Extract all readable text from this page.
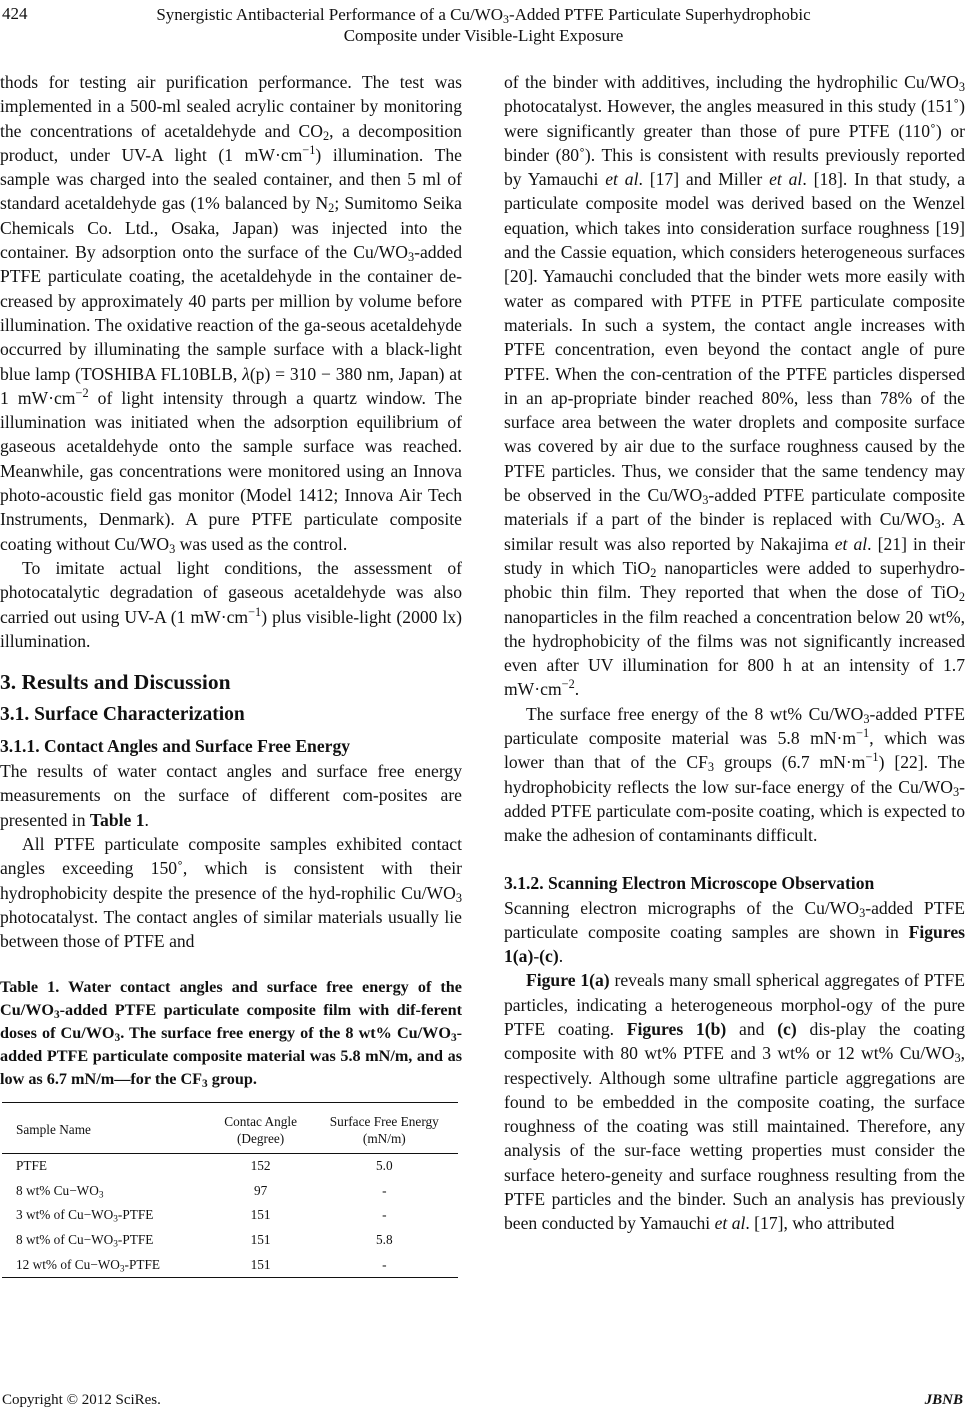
424	Synergistic Antibacterial Performance of a $Cu/WO_3$-Added PTFE Particulate Superhydrophobic
Composite under Visible-Light Exposure

thods for testing air purification performance. The test was implemented in a 500-ml sealed acrylic container by monitoring the concentrations of acetaldehyde and $CO_2$, a decomposition product, under UV-A light (1 $mW\cdot cm^{-1}$) illumination. The sample was charged into the sealed container, and then 5 ml of standard acetaldehyde gas (1% balanced by $N_2$; Sumitomo Seika Chemicals Co. Ltd., Osaka, Japan) was injected into the container. By adsorption onto the surface of the $Cu/WO_3$-added PTFE particulate coating, the acetaldehyde in the container de-creased by approximately 40 parts per million by volume before illumination. The oxidative reaction of the ga-seous acetaldehyde occurred by illuminating the sample surface with a black-light blue lamp (TOSHIBA FL10BLB, λ(p) = 310 − 380 nm, Japan) at 1 $mW\cdot cm^{-2}$ of light intensity through a quartz window. The illumination was initiated when the adsorption equilibrium of gaseous acetaldehyde onto the sample surface was reached. Meanwhile, gas concentrations were monitored using an Innova photo-acoustic field gas monitor (Model 1412; Innova Air Tech Instruments, Denmark). A pure PTFE particulate composite coating without $Cu/WO_3$ was used as the control.

To imitate actual light conditions, the assessment of photocatalytic degradation of gaseous acetaldehyde was also carried out using UV-A (1 $mW\cdot cm^{-1}$) plus visible-light (2000 lx) illumination.

3. Results and Discussion
3.1. Surface Characterization
3.1.1. Contact Angles and Surface Free Energy

The results of water contact angles and surface free energy measurements on the surface of different com-posites are presented in Table 1.

All PTFE particulate composite samples exhibited contact angles exceeding 150˚, which is consistent with their hydrophobicity despite the presence of the hyd-rophilic $Cu/WO_3$ photocatalyst. The contact angles of similar materials usually lie between those of PTFE and

Table 1. Water contact angles and surface free energy of the $Cu/WO_3$-added PTFE particulate composite film with dif-ferent doses of $Cu/WO_3$. The surface free energy of the 8 wt% $Cu/WO_3$-added PTFE particulate composite material was 5.8 mN/m, and as low as 6.7 mN/m—for the $CF_3$ group.

Sample Name	Contac Angle
(Degree)	Surface Free Energy
(mN/m)
PTFE	152	5.0
8 wt% $Cu-WO_3$	97	-
3 wt% of $Cu-WO_3$-PTFE	151	-
8 wt% of $Cu-WO_3$-PTFE	151	5.8
12 wt% of $Cu-WO_3$-PTFE	151	-

of the binder with additives, including the hydrophilic $Cu/WO_3$ photocatalyst. However, the angles measured in this study (151˚) were significantly greater than those of pure PTFE (110˚) or binder (80˚). This is consistent with results previously reported by Yamauchi et al. [17] and Miller et al. [18]. In that study, a particulate composite model was derived based on the Wenzel equation, which takes into consideration surface roughness [19] and the Cassie equation, which considers heterogeneous surfaces [20]. Yamauchi concluded that the binder wets more easily with water as compared with PTFE in PTFE particulate composite materials. In such a system, the contact angle increases with PTFE concentration, even beyond the contact angle of pure PTFE. When the con-centration of the PTFE particles dispersed in an ap-propriate binder reached 80%, less than 78% of the surface area between the water droplets and composite surface was covered by air due to the surface roughness caused by the PTFE particles. Thus, we consider that the same tendency may be observed in the $Cu/WO_3$-added PTFE particulate composite materials if a part of the binder is replaced with $Cu/WO_3$. A similar result was also reported by Nakajima et al. [21] in their study in which TiO$_2$ nanoparticles were added to superhydro-phobic thin film. They reported that when the dose of TiO$_2$ nanoparticles in the film reached a concentration below 20 wt%, the hydrophobicity of the films was not significantly increased even after UV illumination for 800 h at an intensity of 1.7 $mW\cdot cm^{-2}$.

The surface free energy of the 8 wt% $Cu/WO_3$-added PTFE particulate composite material was 5.8 $mN\cdot m^{-1}$, which was lower than that of the $CF_3$ groups (6.7 $mN\cdot m^{-1}$) [22]. The hydrophobicity reflects the low sur-face energy of the $Cu/WO_3$-added PTFE particulate com-posite coating, which is expected to make the adhesion of contaminants difficult.

3.1.2. Scanning Electron Microscope Observation

Scanning electron micrographs of the $Cu/WO_3$-added PTFE particulate composite coating samples are shown in Figures 1(a)-(c).

Figure 1(a) reveals many small spherical aggregates of PTFE particles, indicating a heterogeneous morphol-ogy of the pure PTFE coating. Figures 1(b) and (c) dis-play the coating composite with 80 wt% PTFE and 3 wt% or 12 wt% $Cu/WO_3$, respectively. Although some ultrafine particle aggregations are found to be embedded in the composite coating, the surface roughness of the coating was still maintained. Therefore, any analysis of the sur-face wetting properties must consider the surface hetero-geneity and surface roughness resulting from the PTFE particles and the binder. Such an analysis has previously been conducted by Yamauchi et al. [17], who attributed

Copyright © 2012 SciRes.	JBNB
